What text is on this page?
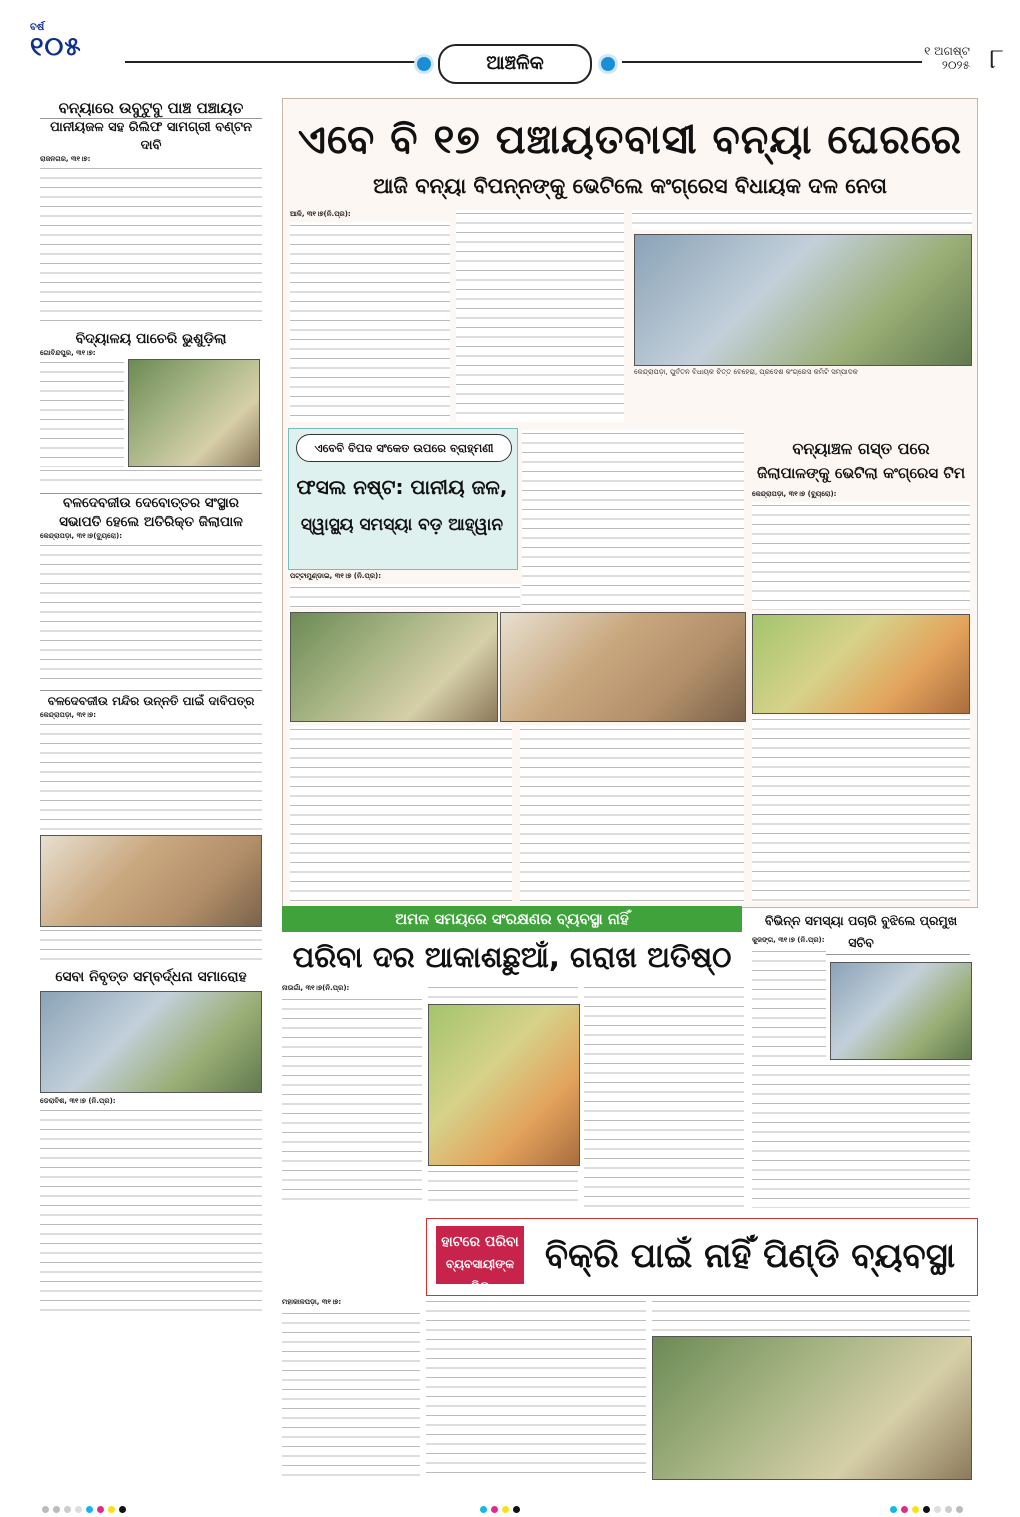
ବର୍ଷ
୧୦୫
ଆଞ୍ଚଳିକ
୧ ଅଗଷ୍ଟ
୨୦୨୫ ୮
ବନ୍ୟାରେ ଉବୁଟୁବୁ ପାଞ୍ଚ ପଞ୍ଚାୟତ
ପାନୀୟଜଳ ସହ ରିଲିଫ ସାମଗ୍ରୀ ବଣ୍ଟନ ଦାବି
ରାଜନଗର, ୩୧।୭:
ବିଦ୍ୟାଳୟ ପାଚେରି ଭୁଶୁଡ଼ିଲା
ଗୋବିନ୍ଦପୁର, ୩୧।୭:
ବଳଦେବଜୀଉ ଦେବୋତ୍ତର ସଂସ୍ଥାର
ସଭାପତି ହେଲେ ଅତିରିକ୍ତ ଜିଲାପାଳ
କେନ୍ଦ୍ରାପଡ଼ା, ୩୧।୭(ବ୍ୟୁରୋ):
ବଳଦେବଜୀଉ ମନ୍ଦିର ଉନ୍ନତି ପାଇଁ ଦାବିପତ୍ର
କେନ୍ଦ୍ରାପଡ଼ା, ୩୧।୭:
ସେବା ନିବୃତ୍ତ ସମ୍ବର୍ଦ୍ଧନା ସମାରୋହ
ଡେରାବିଶ, ୩୧।୭ (ନି.ପ୍ର):
ଏବେ ବି ୧୭ ପଞ୍ଚାୟତବାସୀ ବନ୍ୟା ଘେରରେ
ଆଜି ବନ୍ୟା ବିପନ୍ନଙ୍କୁ ଭେଟିଲେ କଂଗ୍ରେସ ବିଧାୟକ ଦଳ ନେତା
ଆଳି, ୩୧।୭(ନି.ପ୍ର):
କେନ୍ଦ୍ରାପଡ଼ା, ପୁର୍ବତନ ବିଧାୟକ ଚିତ୍ତ ବେହେରା, ପ୍ରଦେଶ କଂଗ୍ରେସ କମିଟି ସମ୍ପାଦକ
ଏବେବି ବିପଦ ସଂକେତ ଉପରେ ବ୍ରାହ୍ମଣୀ
ଫସଲ ନଷ୍ଟ: ପାନୀୟ ଜଳ,
ସ୍ୱାସ୍ଥ୍ୟ ସମସ୍ୟା ବଡ଼ ଆହ୍ୱାନ
ପଟ୍ଟାମୁଣ୍ଡାଇ, ୩୧।୭ (ନି.ପ୍ର):
ବନ୍ୟାଞ୍ଚଳ ଗସ୍ତ ପରେ
ଜିଲାପାଳଙ୍କୁ ଭେଟିଲା କଂଗ୍ରେସ ଟିମ
କେନ୍ଦ୍ରାପଡ଼ା, ୩୧।୭ (ବ୍ୟୁରୋ):
ଅମଳ ସମୟରେ ସଂରକ୍ଷଣର ବ୍ୟବସ୍ଥା ନାହିଁ
ପରିବା ଦର ଆକାଶଛୁଆଁ, ଗରାଖ ଅତିଷ୍ଠ
ନାଉଗାଁ, ୩୧।୭(ନି.ପ୍ର):
ବିଭିନ୍ନ ସମସ୍ୟା ପଚାରି ବୁଝିଲେ ପ୍ରମୁଖ ସଚିବ
କୁଜଙ୍ଗ, ୩୧।୭ (ନି.ପ୍ର):
ହାଟରେ ପରିବା
ବ୍ୟବସାୟୀଙ୍କ ଭିଡ଼
ବିକ୍ରି ପାଇଁ ନାହିଁ ପିଣ୍ଡି ବ୍ୟବସ୍ଥା
ମହାକାଳପଡ଼ା, ୩୧।୭:
